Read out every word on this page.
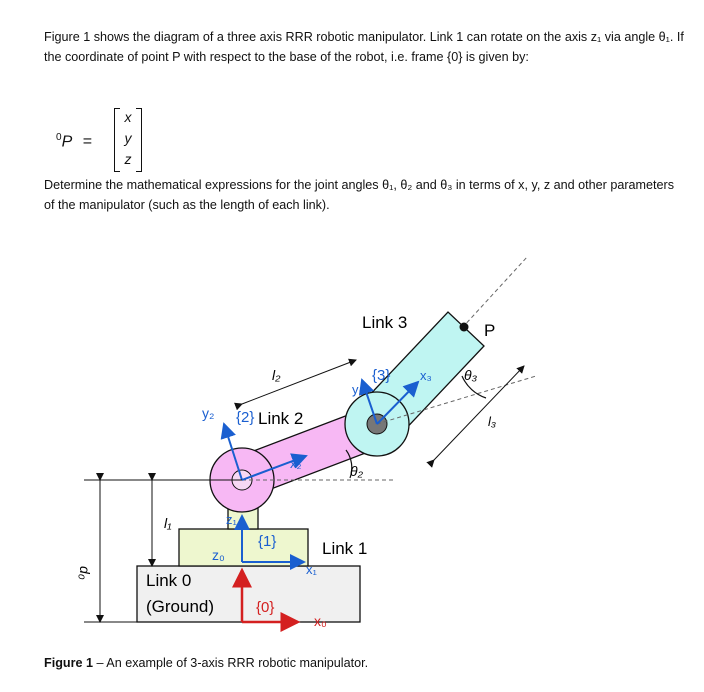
Figure 1 shows the diagram of a three axis RRR robotic manipulator. Link 1 can rotate on the axis z₁ via angle θ₁. If the coordinate of point P with respect to the base of the robot, i.e. frame {0} is given by:
$^0$P =
x
y
z
Determine the mathematical expressions for the joint angles θ₁, θ₂ and θ₃ in terms of x, y, z and other parameters of the manipulator (such as the length of each link).
Link 3	P
Link 2
Link 1
Link 0
(Ground)	{0}
{1}
{2}
{3}
l₂
l₃
l₁
d₀
θ₂
θ₃
x₀
x₁
x₂
x₃
y₂
y₃
z₀
z₁
Figure 1 – An example of 3-axis RRR robotic manipulator.
